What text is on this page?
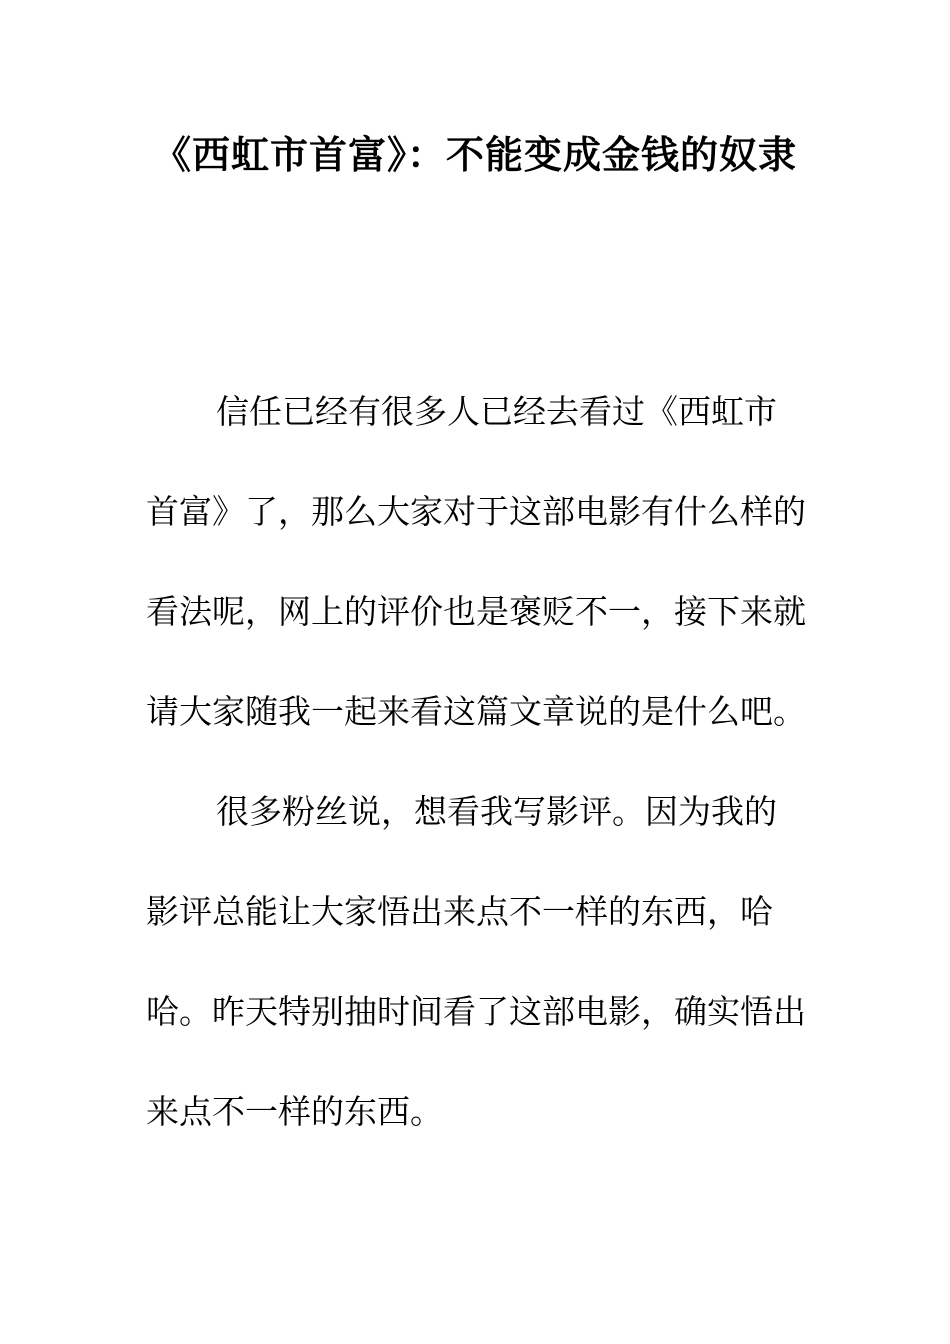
《西虹市首富》：不能变成金钱的奴隶

信任已经有很多人已经去看过《西虹市首富》了，那么大家对于这部电影有什么样的看法呢，网上的评价也是褒贬不一，接下来就请大家随我一起来看这篇文章说的是什么吧。

很多粉丝说，想看我写影评。因为我的影评总能让大家悟出来点不一样的东西，哈哈。昨天特别抽时间看了这部电影，确实悟出来点不一样的东西。
